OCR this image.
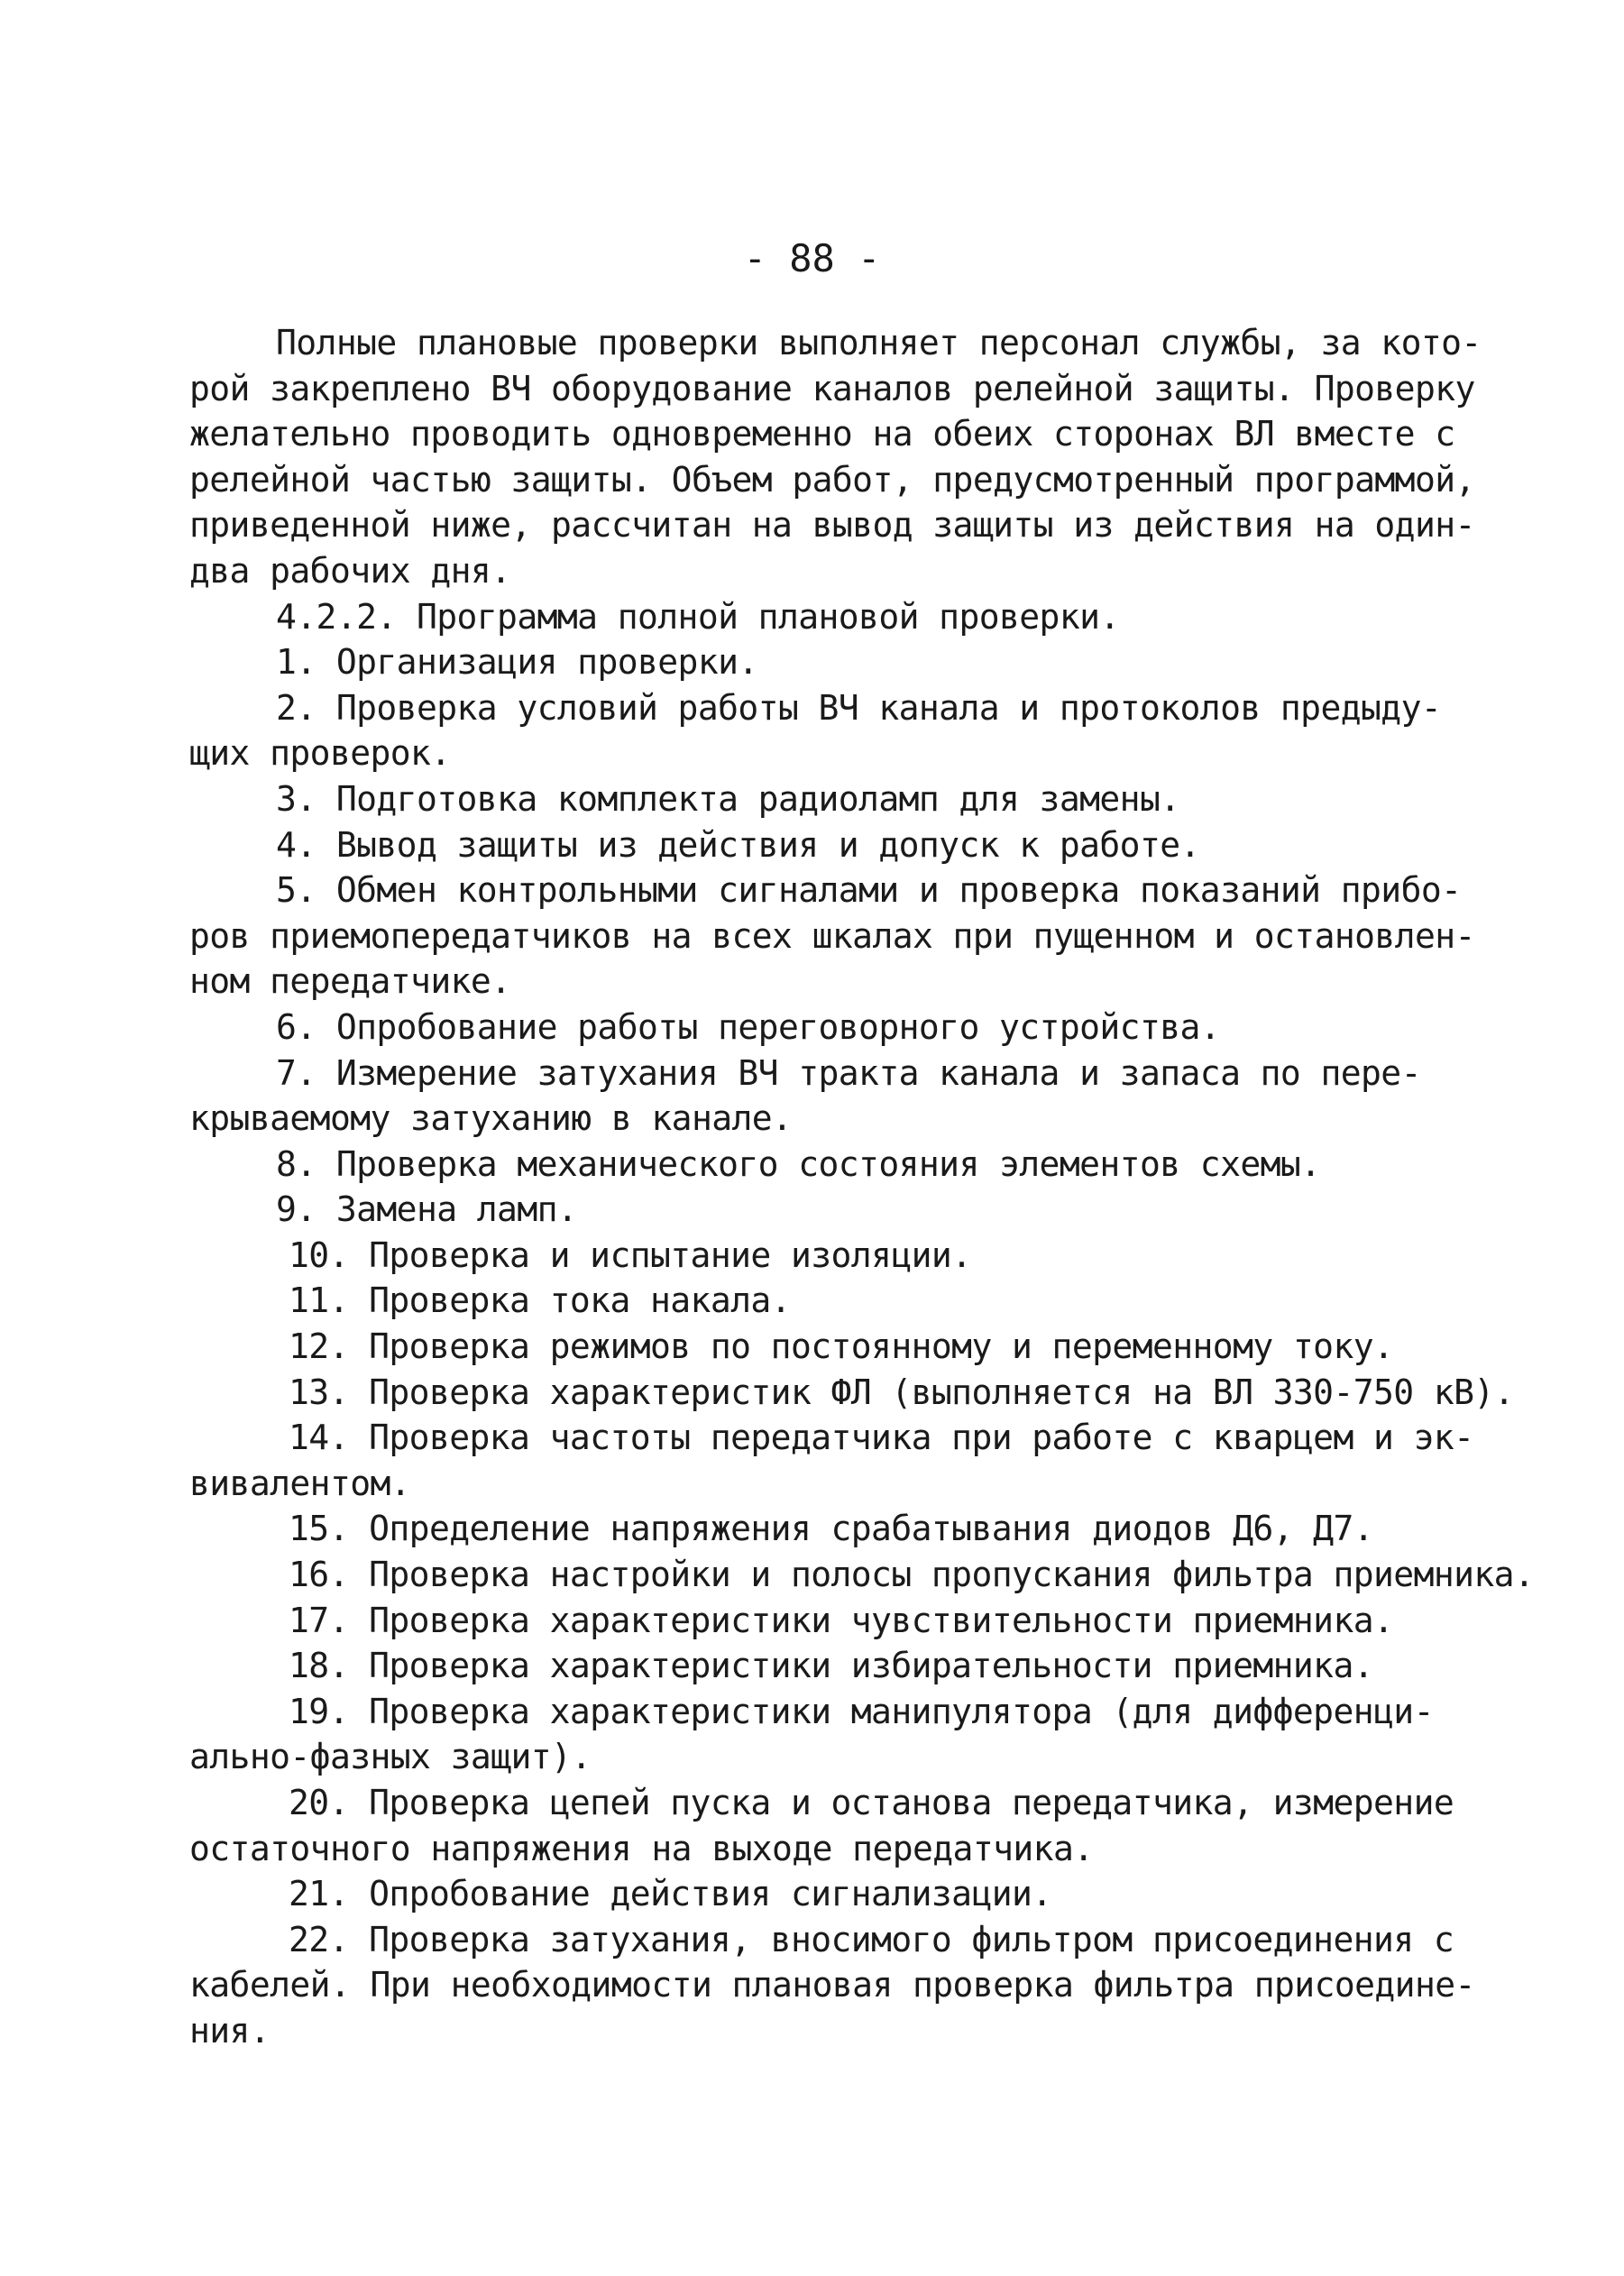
- 88 -
Полные плановые проверки выполняет персонал службы, за кото-
рой закреплено ВЧ оборудование каналов релейной защиты. Проверку
желательно проводить одновременно на обеих сторонах ВЛ вместе с
релейной частью защиты. Объем работ, предусмотренный программой,
приведенной ниже, рассчитан на вывод защиты из действия на один-
два рабочих дня.
4.2.2. Программа полной плановой проверки.
1. Организация проверки.
2. Проверка условий работы ВЧ канала и протоколов предыду-
щих проверок.
3. Подготовка комплекта радиоламп для замены.
4. Вывод защиты из действия и допуск к работе.
5. Обмен контрольными сигналами и проверка показаний прибо-
ров приемопередатчиков на всех шкалах при пущенном и остановлен-
ном передатчике.
6. Опробование работы переговорного устройства.
7. Измерение затухания ВЧ тракта канала и запаса по пере-
крываемому затуханию в канале.
8. Проверка механического состояния элементов схемы.
9. Замена ламп.
10. Проверка и испытание изоляции.
11. Проверка тока накала.
12. Проверка режимов по постоянному и переменному току.
13. Проверка характеристик ФЛ (выполняется на ВЛ 330-750 кВ).
14. Проверка частоты передатчика при работе с кварцем и эк-
вивалентом.
15. Определение напряжения срабатывания диодов Д6, Д7.
16. Проверка настройки и полосы пропускания фильтра приемника.
17. Проверка характеристики чувствительности приемника.
18. Проверка характеристики избирательности приемника.
19. Проверка характеристики манипулятора (для дифференци-
ально-фазных защит).
20. Проверка цепей пуска и останова передатчика, измерение
остаточного напряжения на выходе передатчика.
21. Опробование действия сигнализации.
22. Проверка затухания, вносимого фильтром присоединения с
кабелей. При необходимости плановая проверка фильтра присоедине-
ния.
